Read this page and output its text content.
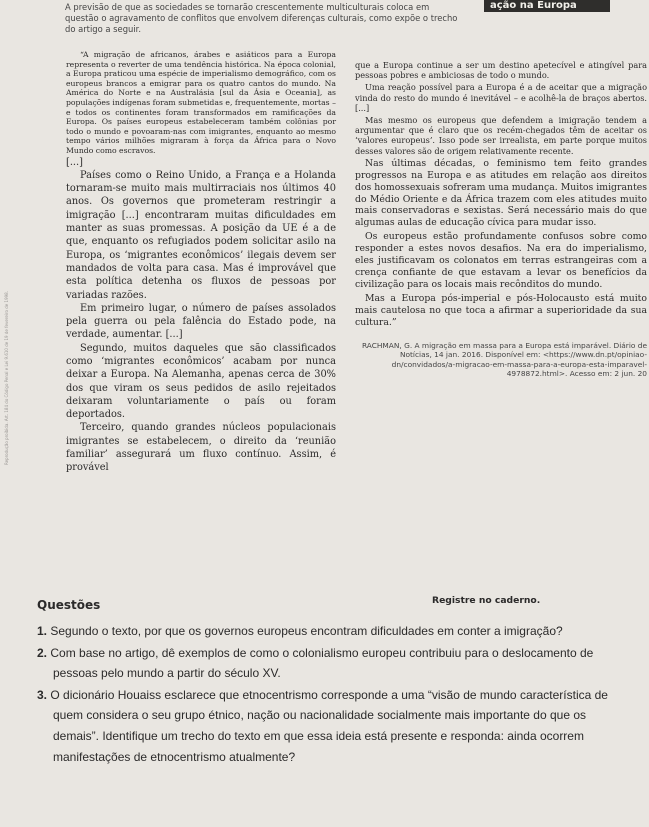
ação na Europa

A previsão de que as sociedades se tornarão crescentemente multiculturais coloca em

questão o agravamento de conflitos que envolvem diferenças culturais, como expõe o trecho

do artigo a seguir.

Reprodução proibida. Art. 184 do Código Penal e Lei 9.610 de 19 de fevereiro de 1998.

“A migração de africanos, árabes e asiáticos para a Europa representa o reverter de uma tendência histórica. Na época colonial, a Europa praticou uma espécie de imperialismo demográfico, com os europeus brancos a emigrar para os quatro cantos do mundo. Na América do Norte e na Australásia [sul da Ásia e Oceania], as populações indígenas foram submetidas e, frequentemente, mortas – e todos os continentes foram transformados em ramificações da Europa. Os países europeus estabeleceram também colônias por todo o mundo e povoaram-nas com imigrantes, enquanto ao mesmo tempo vários milhões migraram à força da África para o Novo Mundo como escravos.

[...]

Países como o Reino Unido, a França e a Holanda tornaram-se muito mais multirraciais nos últimos 40 anos. Os governos que prometeram restringir a imigração [...] encontraram muitas dificuldades em manter as suas promessas. A posição da UE é a de que, enquanto os refugiados podem solicitar asilo na Europa, os ‘migrantes econômicos’ ilegais devem ser mandados de volta para casa. Mas é improvável que esta política detenha os fluxos de pessoas por variadas razões.

Em primeiro lugar, o número de países assolados pela guerra ou pela falência do Estado pode, na verdade, aumentar. [...]

Segundo, muitos daqueles que são classificados como ‘migrantes econômicos’ acabam por nunca deixar a Europa. Na Alemanha, apenas cerca de 30% dos que viram os seus pedidos de asilo rejeitados deixaram voluntariamente o país ou foram deportados.

Terceiro, quando grandes núcleos populacionais imigrantes se estabelecem, o direito da ‘reunião familiar’ assegurará um fluxo contínuo. Assim, é provável

que a Europa continue a ser um destino apetecível e atingível para pessoas pobres e ambiciosas de todo o mundo.

Uma reação possível para a Europa é a de aceitar que a migração vinda do resto do mundo é inevitável – e acolhê-la de braços abertos. [...]

Mas mesmo os europeus que defendem a imigração tendem a argumentar que é claro que os recém-chegados têm de aceitar os ‘valores europeus’. Isso pode ser irrealista, em parte porque muitos desses valores são de origem relativamente recente.

Nas últimas décadas, o feminismo tem feito grandes progressos na Europa e as atitudes em relação aos direitos dos homossexuais sofreram uma mudança. Muitos imigrantes do Médio Oriente e da África trazem com eles atitudes muito mais conservadoras e sexistas. Será necessário mais do que algumas aulas de educação cívica para mudar isso.

Os europeus estão profundamente confusos sobre como responder a estes novos desafios. Na era do imperialismo, eles justificavam os colonatos em terras estrangeiras com a crença confiante de que estavam a levar os benefícios da civilização para os locais mais recônditos do mundo.

Mas a Europa pós-imperial e pós-Holocausto está muito mais cautelosa no que toca a afirmar a superioridade da sua cultura.”

RACHMAN, G. A migração em massa para a Europa está imparável. Diário de Notícias, 14 jan. 2016. Disponível em: <https://www.dn.pt/opiniao-dn/convidados/a-migracao-em-massa-para-a-europa-esta-imparavel-4978872.html>. Acesso em: 2 jun. 20

Questões	Registre no caderno.

1. Segundo o texto, por que os governos europeus encontram dificuldades em conter a imigração?

2. Com base no artigo, dê exemplos de como o colonialismo europeu contribuiu para o deslocamento de pessoas pelo mundo a partir do século XV.

3. O dicionário Houaiss esclarece que etnocentrismo corresponde a uma “visão de mundo característica de quem considera o seu grupo étnico, nação ou nacionalidade socialmente mais importante do que os demais”. Identifique um trecho do texto em que essa ideia está presente e responda: ainda ocorrem manifestações de etnocentrismo atualmente?
